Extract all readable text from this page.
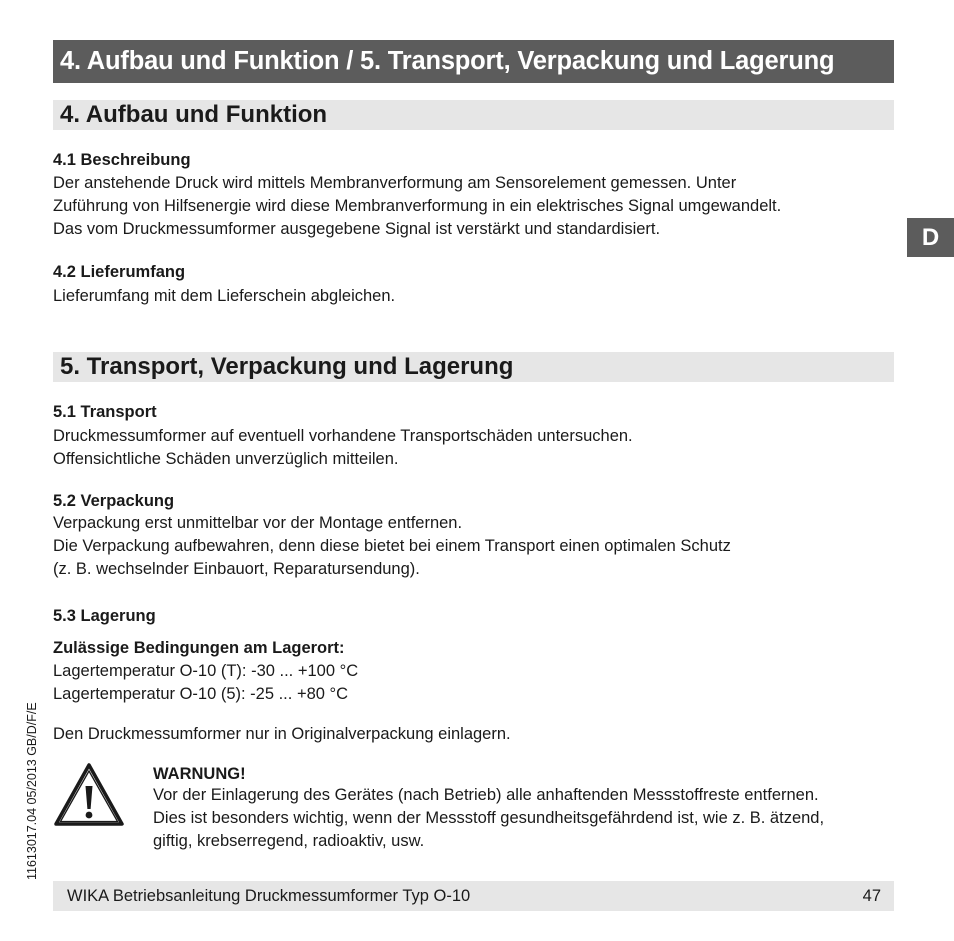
4. Aufbau und Funktion / 5. Transport, Verpackung und Lagerung
D
11613017.04 05/2013 GB/D/F/E
4. Aufbau und Funktion
4.1 Beschreibung
Der anstehende Druck wird mittels Membranverformung am Sensorelement gemessen. Unter
Zuführung von Hilfsenergie wird diese Membranverformung in ein elektrisches Signal umgewandelt.
Das vom Druckmessumformer ausgegebene Signal ist verstärkt und standardisiert.
4.2 Lieferumfang
Lieferumfang mit dem Lieferschein abgleichen.
5. Transport, Verpackung und Lagerung
5.1 Transport
Druckmessumformer auf eventuell vorhandene Transportschäden untersuchen.
Offensichtliche Schäden unverzüglich mitteilen.
5.2 Verpackung
Verpackung erst unmittelbar vor der Montage entfernen.
Die Verpackung aufbewahren, denn diese bietet bei einem Transport einen optimalen Schutz
(z. B. wechselnder Einbauort, Reparatursendung).
5.3 Lagerung
Zulässige Bedingungen am Lagerort:
Lagertemperatur O-10 (T): -30 ... +100 °C
Lagertemperatur O-10 (5): -25 ... +80 °C
Den Druckmessumformer nur in Originalverpackung einlagern.
WARNUNG!
Vor der Einlagerung des Gerätes (nach Betrieb) alle anhaftenden Messstoffreste entfernen.
Dies ist besonders wichtig, wenn der Messstoff gesundheitsgefährdend ist, wie z. B. ätzend,
giftig, krebserregend, radioaktiv, usw.
WIKA Betriebsanleitung Druckmessumformer Typ O-10	47
